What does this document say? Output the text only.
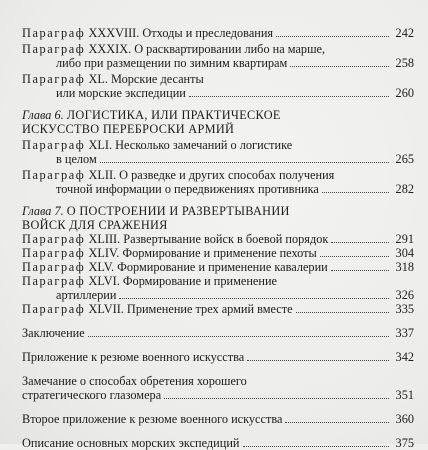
Параграф XXXVIII. Отходы и преследования	242
Параграф XXXIX. О расквартировании либо на марше,
либо при размещении по зимним квартирам	258
Параграф XL. Морские десанты
или морские экспедиции	260
Глава 6. ЛОГИСТИКА, ИЛИ ПРАКТИЧЕСКОЕ
ИСКУССТВО ПЕРЕБРОСКИ АРМИЙ
Параграф XLI. Несколько замечаний о логистике
в целом	265
Параграф XLII. О разведке и других способах получения
точной информации о передвижениях противника	282
Глава 7. О ПОСТРОЕНИИ И РАЗВЕРТЫВАНИИ
ВОЙСК ДЛЯ СРАЖЕНИЯ
Параграф XLIII. Развертывание войск в боевой порядок	291
Параграф XLIV. Формирование и применение пехоты	304
Параграф XLV. Формирование и применение кавалерии	318
Параграф XLVI. Формирование и применение
артиллерии	326
Параграф XLVII. Применение трех армий вместе	335
Заключение	337
Приложение к резюме военного искусства	342
Замечание о способах обретения хорошего
стратегического глазомера	351
Второе приложение к резюме военного искусства	360
Описание основных морских экспедиций	375
